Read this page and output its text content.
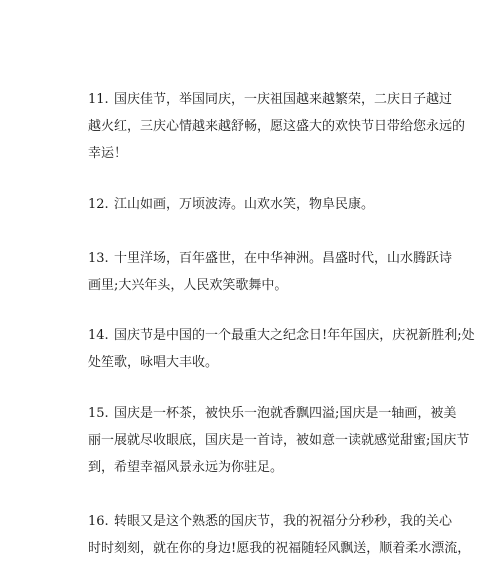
11. 国庆佳节，举国同庆，一庆祖国越来越繁荣，二庆日子越过
越火红，三庆心情越来越舒畅，愿这盛大的欢快节日带给您永远的
幸运！

12. 江山如画，万顷波涛。山欢水笑，物阜民康。

13. 十里洋场，百年盛世，在中华神洲。昌盛时代，山水腾跃诗
画里;大兴年头，人民欢笑歌舞中。

14. 国庆节是中国的一个最重大之纪念日!年年国庆，庆祝新胜利;处
处笙歌，咏唱大丰收。

15. 国庆是一杯茶，被快乐一泡就香飘四溢;国庆是一轴画，被美
丽一展就尽收眼底，国庆是一首诗，被如意一读就感觉甜蜜;国庆节
到，希望幸福风景永远为你驻足。

16. 转眼又是这个熟悉的国庆节，我的祝福分分秒秒，我的关心
时时刻刻，就在你的身边!愿我的祝福随轻风飘送，顺着柔水漂流，
